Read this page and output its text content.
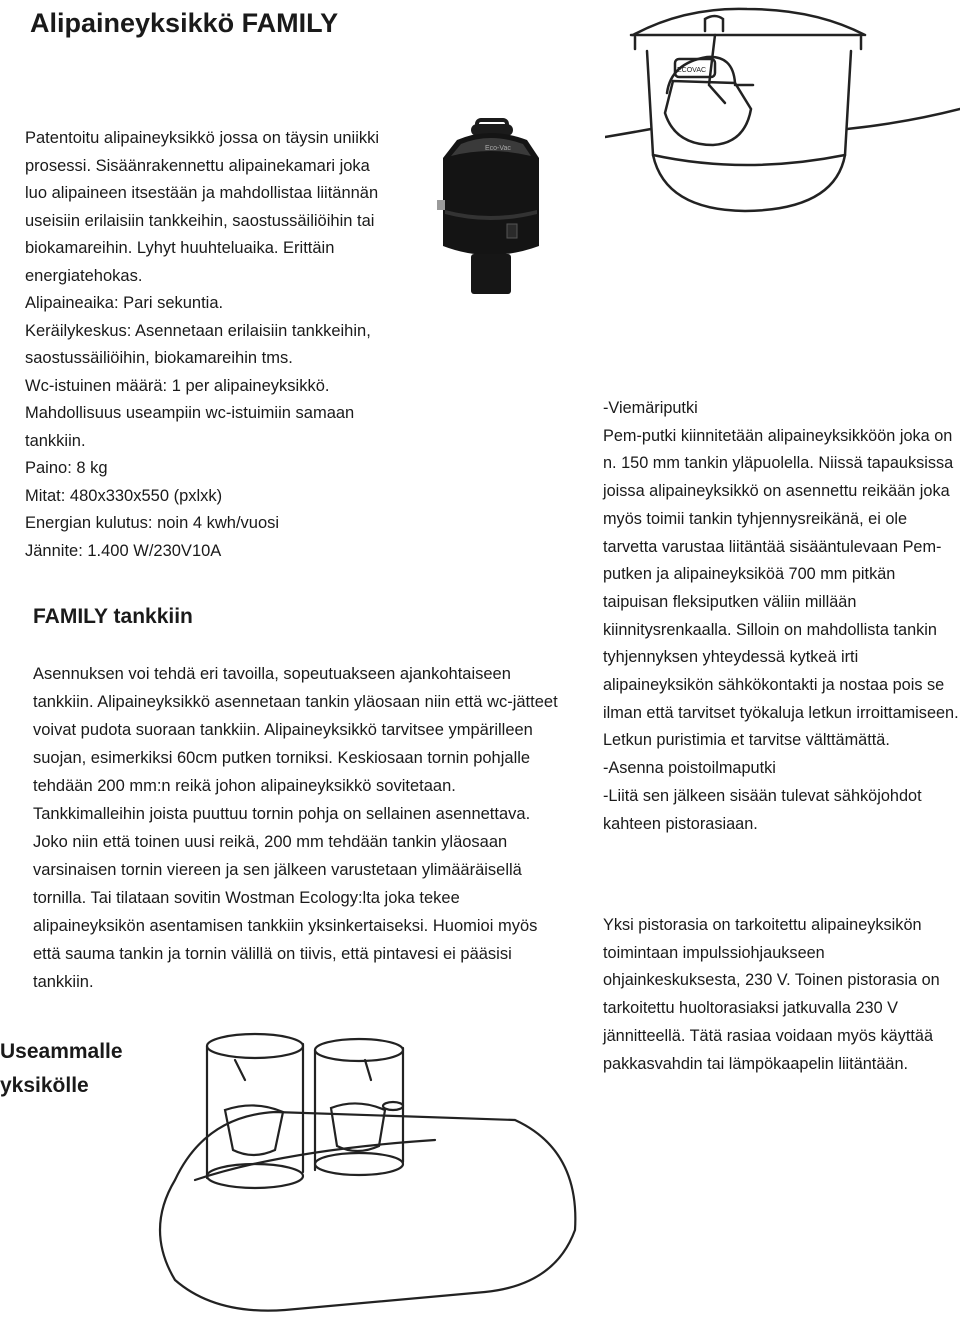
Alipaineyksikkö FAMILY

Patentoitu alipaineyksikkö jossa on täysin uniikki

prosessi. Sisäänrakennettu alipainekamari joka

luo alipaineen itsestään ja mahdollistaa liitännän

useisiin erilaisiin tankkeihin, saostussäiliöihin tai

biokamareihin. Lyhyt huuhteluaika. Erittäin

energiatehokas.

Alipaineaika: Pari sekuntia.

Keräilykeskus: Asennetaan erilaisiin tankkeihin,

saostussäiliöihin, biokamareihin tms.

Wc-istuinen määrä: 1 per alipaineyksikkö.

Mahdollisuus useampiin wc-istuimiin samaan

tankkiin.

Paino: 8 kg

Mitat: 480x330x550 (pxlxk)

Energian kulutus: noin 4 kwh/vuosi

Jännite: 1.400 W/230V10A

Eco-Vac
ECOVAC

-Viemäriputki

Pem-putki kiinnitetään alipaineyksikköön joka on n. 150 mm tankin yläpuolella. Niissä tapauksissa joissa alipaineyksikkö on asennettu reikään joka myös toimii tankin tyhjennysreikänä, ei ole tarvetta varustaa liitäntää sisääntulevaan Pem-putken ja alipaineyksiköä 700 mm pitkän taipuisan fleksiputken väliin millään kiinnitysrenkaalla. Silloin on mahdollista tankin tyhjennyksen yhteydessä kytkeä irti alipaineyksikön sähkökontakti ja nostaa pois se ilman että tarvitset työkaluja letkun irroittamiseen. Letkun puristimia et tarvitse välttämättä.

-Asenna poistoilmaputki

-Liitä sen jälkeen sisään tulevat sähköjohdot kahteen pistorasiaan.

FAMILY tankkiin

Asennuksen voi tehdä eri tavoilla, sopeutuakseen ajankohtaiseen tankkiin. Alipaineyksikkö asennetaan tankin yläosaan niin että wc-jätteet voivat pudota suoraan tankkiin. Alipaineyksikkö tarvitsee ympärilleen suojan, esimerkiksi 60cm putken torniksi. Keskiosaan tornin pohjalle tehdään 200 mm:n reikä johon alipaineyksikkö sovitetaan. Tankkimalleihin joista puuttuu tornin pohja on sellainen asennettava. Joko niin että toinen uusi reikä, 200 mm tehdään tankin yläosaan varsinaisen tornin viereen ja sen jälkeen varustetaan ylimääräisellä tornilla. Tai tilataan sovitin Wostman Ecology:lta joka tekee alipaineyksikön asentamisen tankkiin yksinkertaiseksi. Huomioi myös että sauma tankin ja tornin välillä on tiivis, että pintavesi ei pääsisi tankkiin.

Yksi pistorasia on tarkoitettu alipaineyksikön toimintaan impulssiohjaukseen ohjainkeskuksesta, 230 V. Toinen pistorasia on tarkoitettu huoltorasiaksi jatkuvalla 230 V jännitteellä. Tätä rasiaa voidaan myös käyttää pakkasvahdin tai lämpökaapelin liitäntään.

Useammalle yksikölle
